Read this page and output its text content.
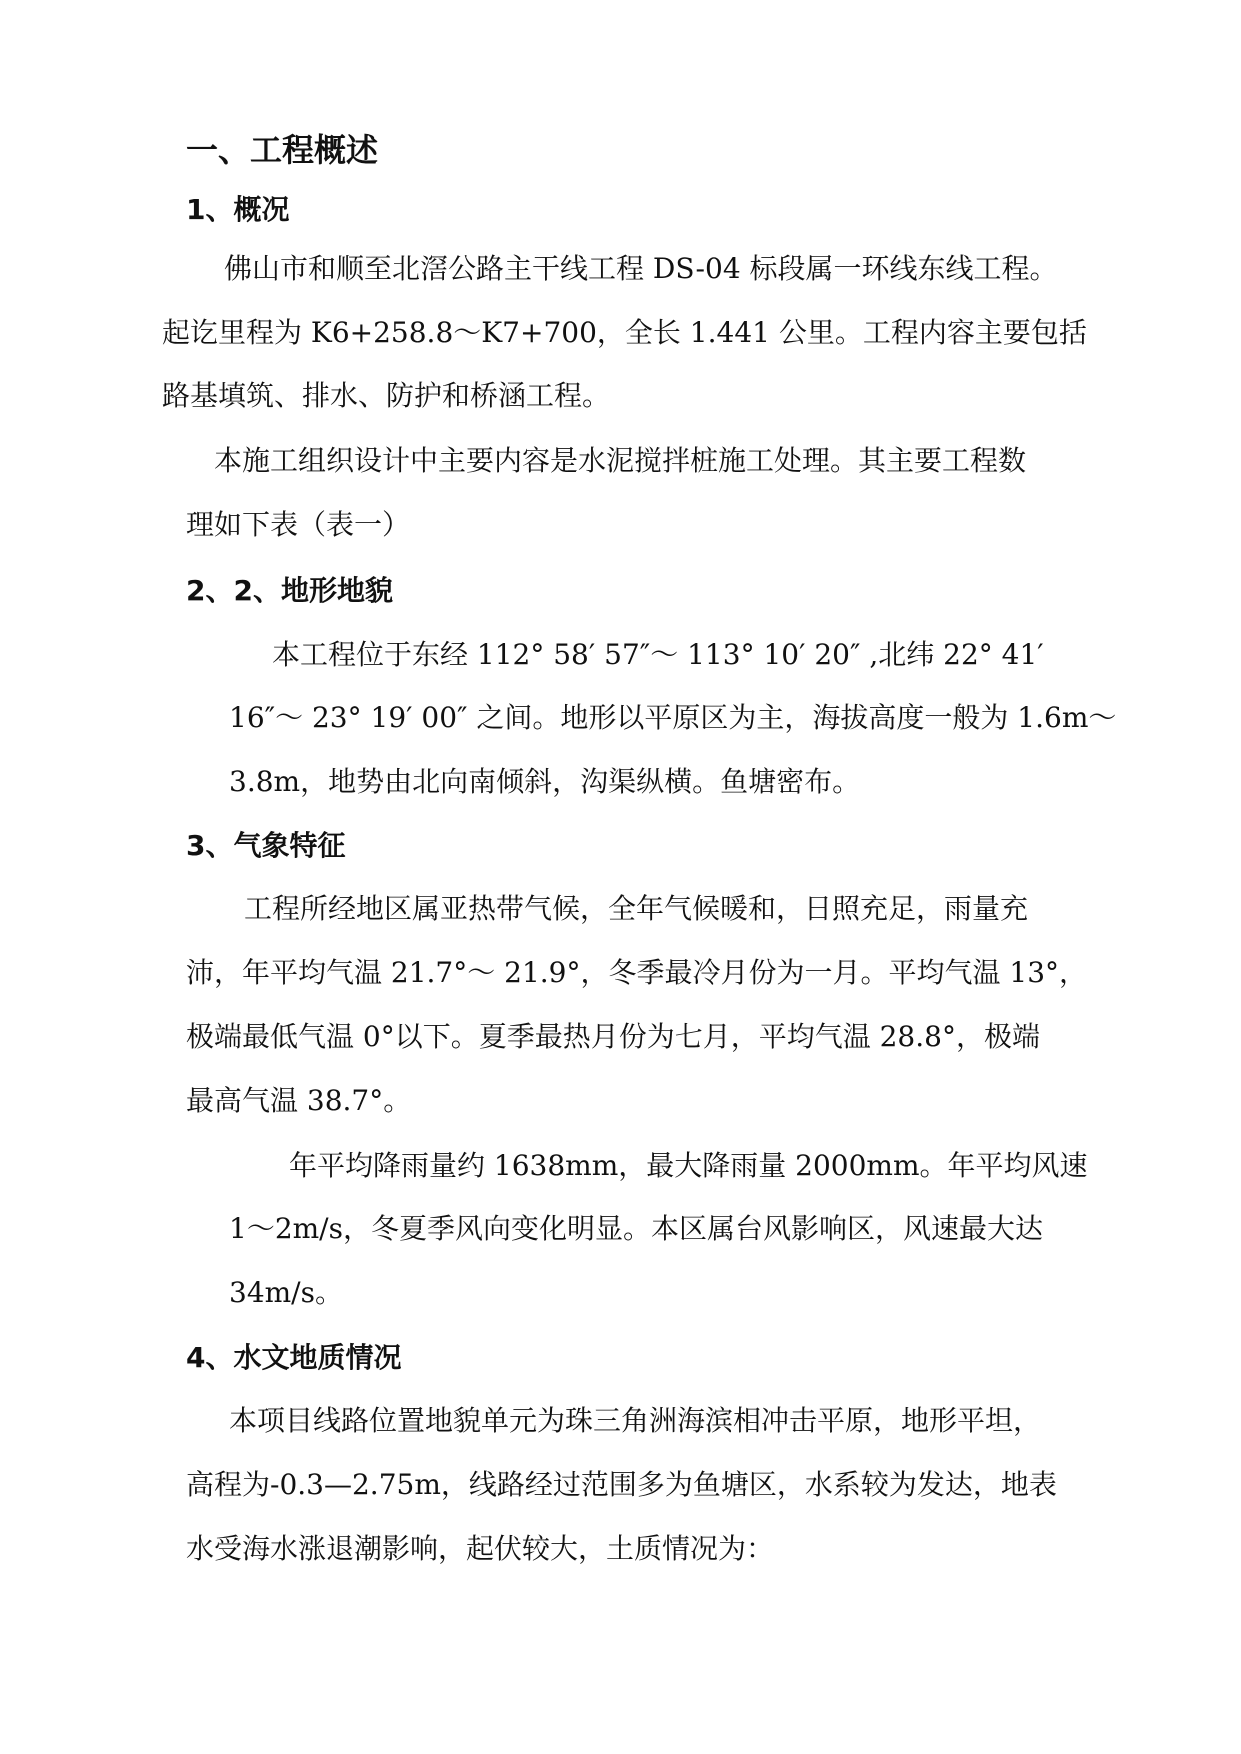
一、工程概述
1、概况
佛山市和顺至北滘公路主干线工程 DS-04 标段属一环线东线工程。
起讫里程为 K6+258.8～K7+700，全长 1.441 公里。工程内容主要包括
路基填筑、排水、防护和桥涵工程。
本施工组织设计中主要内容是水泥搅拌桩施工处理。其主要工程数
理如下表（表一）
2、2、地形地貌
本工程位于东经 112° 58′ 57″～ 113° 10′ 20″ ,北纬 22° 41′
16″～ 23° 19′ 00″ 之间。地形以平原区为主，海拔高度一般为 1.6m～
3.8m，地势由北向南倾斜，沟渠纵横。鱼塘密布。
3、气象特征
工程所经地区属亚热带气候，全年气候暖和，日照充足，雨量充
沛，年平均气温 21.7°～ 21.9°，冬季最冷月份为一月。平均气温 13°，
极端最低气温 0°以下。夏季最热月份为七月，平均气温 28.8°，极端
最高气温 38.7°。
年平均降雨量约 1638mm，最大降雨量 2000mm。年平均风速
1～2m/s，冬夏季风向变化明显。本区属台风影响区，风速最大达
34m/s。
4、水文地质情况
本项目线路位置地貌单元为珠三角洲海滨相冲击平原，地形平坦，
高程为-0.3—2.75m，线路经过范围多为鱼塘区，水系较为发达，地表
水受海水涨退潮影响，起伏较大，土质情况为：
